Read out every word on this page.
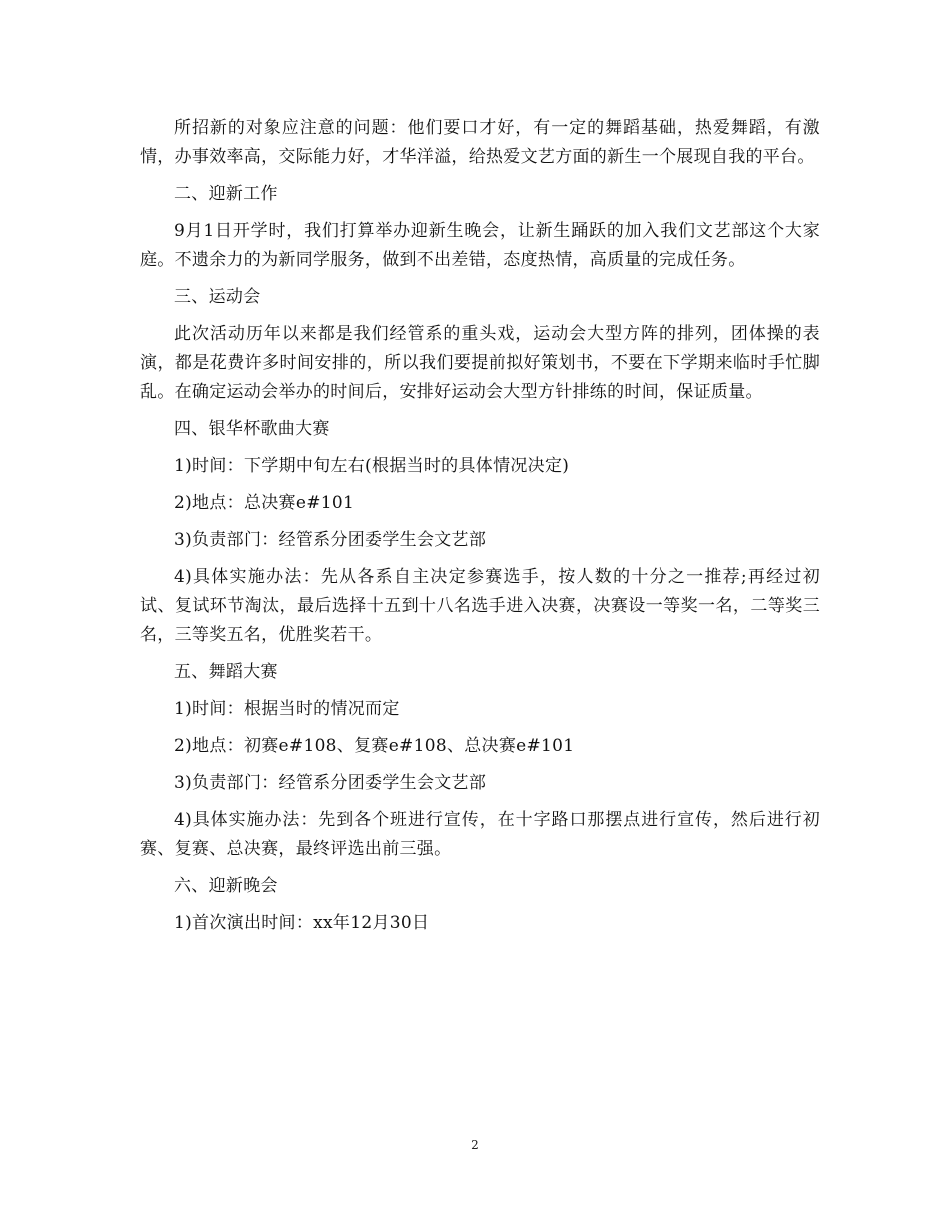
所招新的对象应注意的问题：他们要口才好，有一定的舞蹈基础，热爱舞蹈，有激情，办事效率高，交际能力好，才华洋溢，给热爱文艺方面的新生一个展现自我的平台。

二、迎新工作

9月1日开学时，我们打算举办迎新生晚会，让新生踊跃的加入我们文艺部这个大家庭。不遗余力的为新同学服务，做到不出差错，态度热情，高质量的完成任务。

三、运动会

此次活动历年以来都是我们经管系的重头戏，运动会大型方阵的排列，团体操的表演，都是花费许多时间安排的，所以我们要提前拟好策划书，不要在下学期来临时手忙脚乱。在确定运动会举办的时间后，安排好运动会大型方针排练的时间，保证质量。

四、银华杯歌曲大赛

1)时间：下学期中旬左右(根据当时的具体情况决定)

2)地点：总决赛e#101

3)负责部门：经管系分团委学生会文艺部

4)具体实施办法：先从各系自主决定参赛选手，按人数的十分之一推荐;再经过初试、复试环节淘汰，最后选择十五到十八名选手进入决赛，决赛设一等奖一名，二等奖三名，三等奖五名，优胜奖若干。

五、舞蹈大赛

1)时间：根据当时的情况而定

2)地点：初赛e#108、复赛e#108、总决赛e#101

3)负责部门：经管系分团委学生会文艺部

4)具体实施办法：先到各个班进行宣传，在十字路口那摆点进行宣传，然后进行初赛、复赛、总决赛，最终评选出前三强。

六、迎新晚会

1)首次演出时间：xx年12月30日

2
